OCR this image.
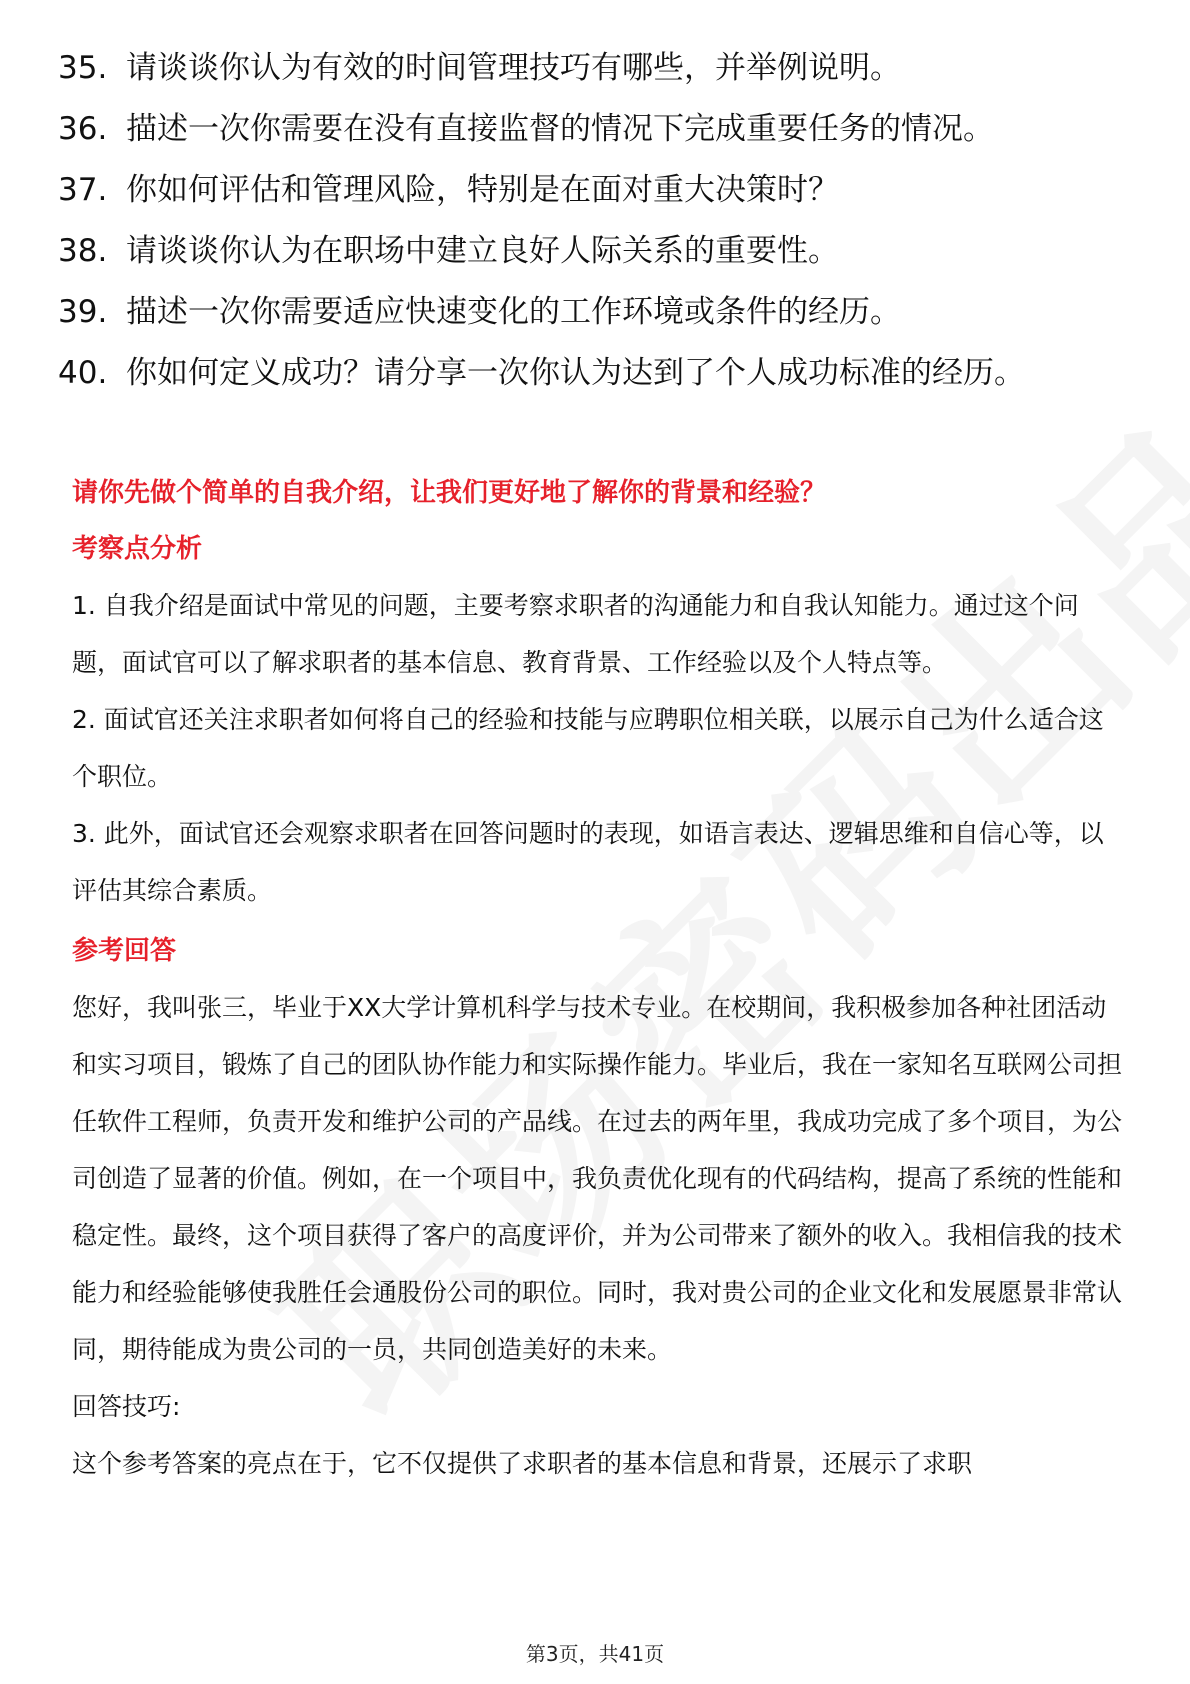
35. 请谈谈你认为有效的时间管理技巧有哪些，并举例说明。
36. 描述一次你需要在没有直接监督的情况下完成重要任务的情况。
37. 你如何评估和管理风险，特别是在面对重大决策时？
38. 请谈谈你认为在职场中建立良好人际关系的重要性。
39. 描述一次你需要适应快速变化的工作环境或条件的经历。
40. 你如何定义成功？请分享一次你认为达到了个人成功标准的经历。

请你先做个简单的自我介绍，让我们更好地了解你的背景和经验？

考察点分析

1. 自我介绍是面试中常见的问题，主要考察求职者的沟通能力和自我认知能力。通过这个问题，面试官可以了解求职者的基本信息、教育背景、工作经验以及个人特点等。

2. 面试官还关注求职者如何将自己的经验和技能与应聘职位相关联，以展示自己为什么适合这个职位。

3. 此外，面试官还会观察求职者在回答问题时的表现，如语言表达、逻辑思维和自信心等，以评估其综合素质。

参考回答

您好，我叫张三，毕业于XX大学计算机科学与技术专业。在校期间，我积极参加各种社团活动和实习项目，锻炼了自己的团队协作能力和实际操作能力。毕业后，我在一家知名互联网公司担任软件工程师，负责开发和维护公司的产品线。在过去的两年里，我成功完成了多个项目，为公司创造了显著的价值。例如，在一个项目中，我负责优化现有的代码结构，提高了系统的性能和稳定性。最终，这个项目获得了客户的高度评价，并为公司带来了额外的收入。我相信我的技术能力和经验能够使我胜任会通股份公司的职位。同时，我对贵公司的企业文化和发展愿景非常认同，期待能成为贵公司的一员，共同创造美好的未来。

回答技巧:

这个参考答案的亮点在于，它不仅提供了求职者的基本信息和背景，还展示了求职

第3页，共41页
